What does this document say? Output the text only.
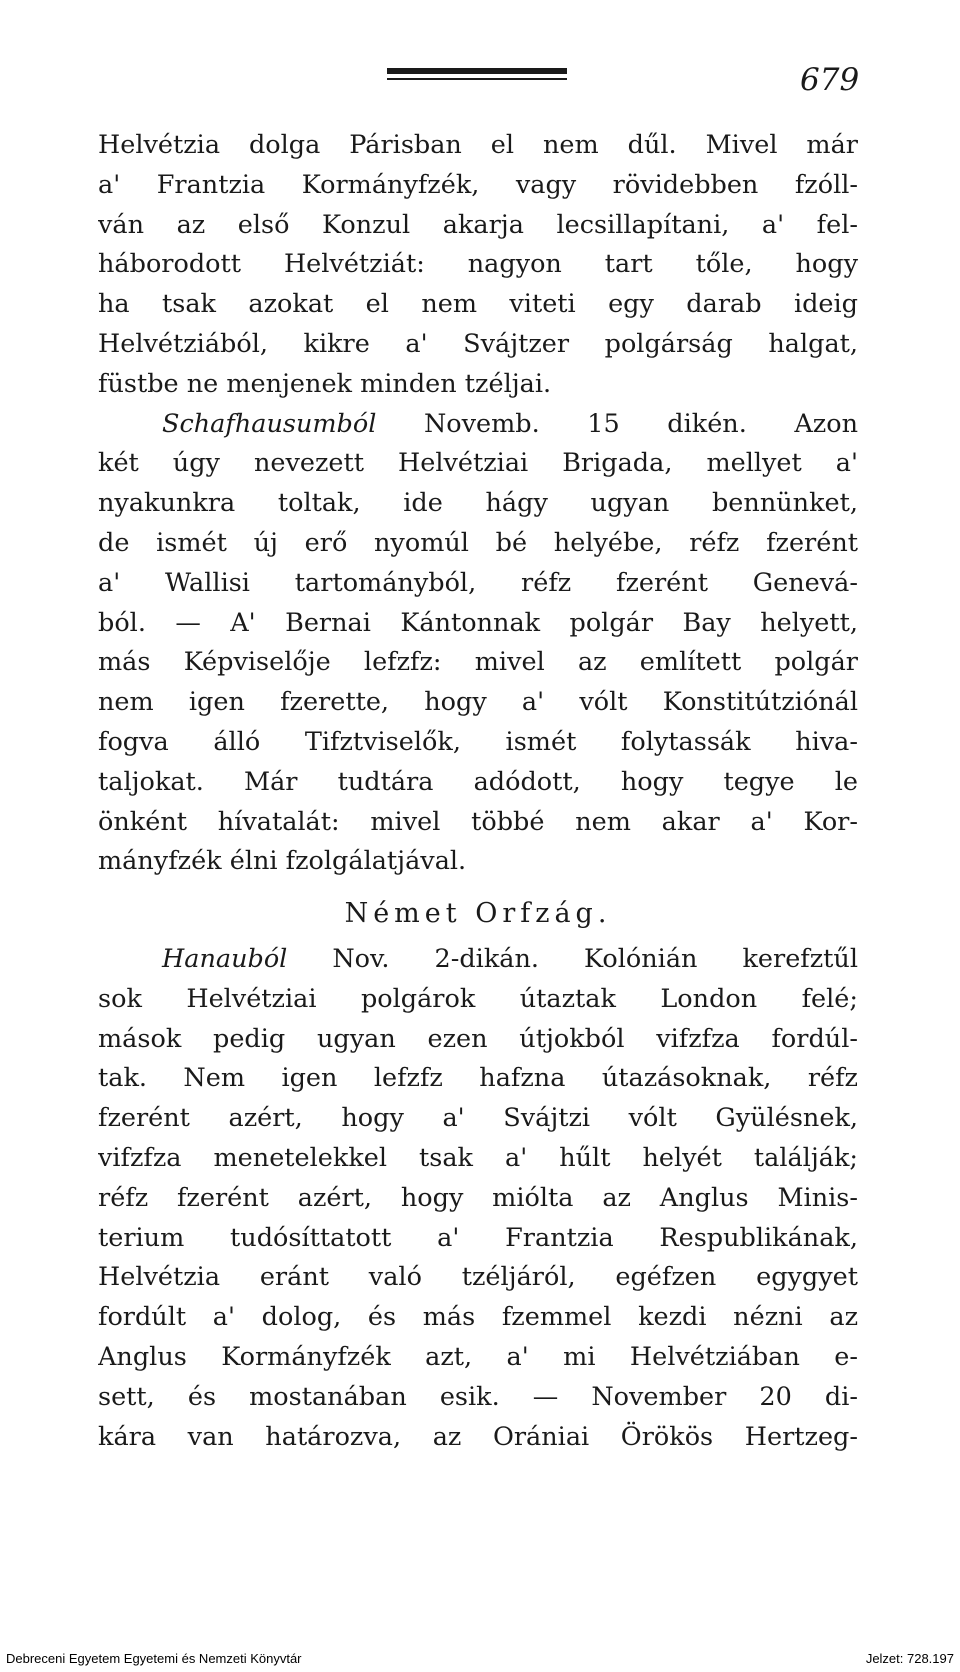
679
Helvétzia dolga Párisban el nem dűl. Mivel már
a' Frantzia Kormányfzék, vagy rövidebben fzóll-
ván az első Konzul akarja lecsillapítani, a' fel-
háborodott Helvétziát: nagyon tart tőle, hogy
ha tsak azokat el nem viteti egy darab ideig
Helvétziából, kikre a' Svájtzer polgárság halgat,
füstbe ne menjenek minden tzéljai.
Schafhausumból Novemb. 15 dikén. Azon
két úgy nevezett Helvétziai Brigada, mellyet a'
nyakunkra toltak, ide hágy ugyan bennünket,
de ismét új erő nyomúl bé helyébe, réfz fzerént
a' Wallisi tartományból, réfz fzerént Genevá-
ból. — A' Bernai Kántonnak polgár Bay helyett,
más Képviselője lefzfz: mivel az említett polgár
nem igen fzerette, hogy a' vólt Konstitútziónál
fogva álló Tifztviselők, ismét folytassák hiva-
taljokat. Már tudtára adódott, hogy tegye le
önként hívatalát: mivel többé nem akar a' Kor-
mányfzék élni fzolgálatjával.
Német Orfzág.
Hanauból Nov. 2-dikán. Kolónián kerefztűl
sok Helvétziai polgárok útaztak London felé;
mások pedig ugyan ezen útjokból vifzfza fordúl-
tak. Nem igen lefzfz hafzna útazásoknak, réfz
fzerént azért, hogy a' Svájtzi vólt Gyülésnek,
vifzfza menetelekkel tsak a' hűlt helyét találják;
réfz fzerént azért, hogy miólta az Anglus Minis-
terium tudósíttatott a' Frantzia Respublikának,
Helvétzia eránt való tzéljáról, egéfzen egygyet
fordúlt a' dolog, és más fzemmel kezdi nézni az
Anglus Kormányfzék azt, a' mi Helvétziában e-
sett, és mostanában esik. — November 20 di-
kára van határozva, az Orániai Örökös Hertzeg-
Debreceni Egyetem Egyetemi és Nemzeti Könyvtár	Jelzet: 728.197
